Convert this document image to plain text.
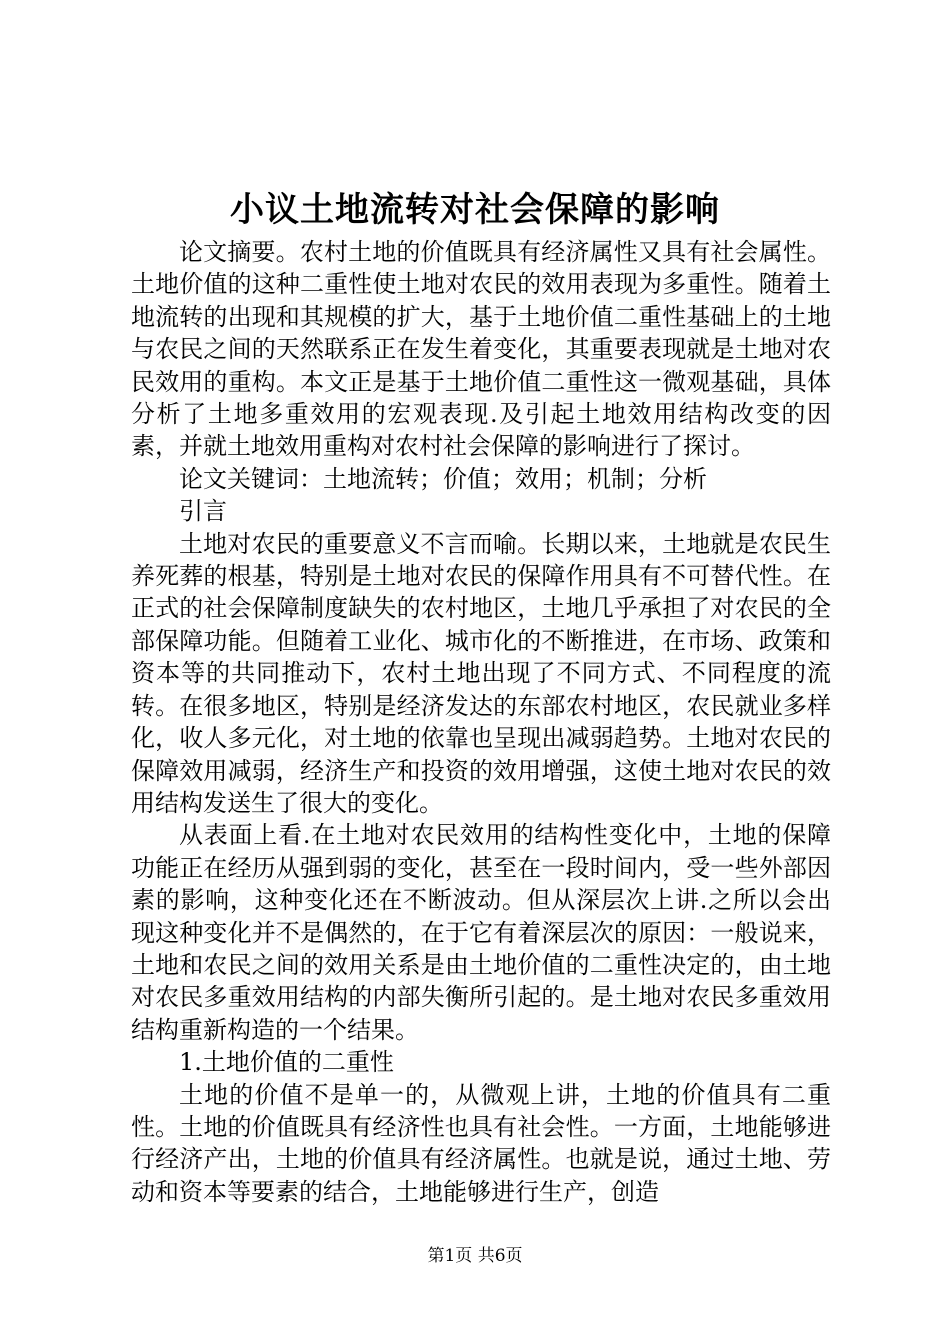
小议土地流转对社会保障的影响

论文摘要。农村土地的价值既具有经济属性又具有社会属性。土地价值的这种二重性使土地对农民的效用表现为多重性。随着土地流转的出现和其规模的扩大，基于土地价值二重性基础上的土地与农民之间的天然联系正在发生着变化，其重要表现就是土地对农民效用的重构。本文正是基于土地价值二重性这一微观基础，具体分析了土地多重效用的宏观表现.及引起土地效用结构改变的因素，并就土地效用重构对农村社会保障的影响进行了探讨。

论文关键词：土地流转；价值；效用；机制；分析

引言

土地对农民的重要意义不言而喻。长期以来，土地就是农民生养死葬的根基，特别是土地对农民的保障作用具有不可替代性。在正式的社会保障制度缺失的农村地区，土地几乎承担了对农民的全部保障功能。但随着工业化、城市化的不断推进，在市场、政策和资本等的共同推动下，农村土地出现了不同方式、不同程度的流转。在很多地区，特别是经济发达的东部农村地区，农民就业多样化，收人多元化，对土地的依靠也呈现出减弱趋势。土地对农民的保障效用减弱，经济生产和投资的效用增强，这使土地对农民的效用结构发送生了很大的变化。

从表面上看.在土地对农民效用的结构性变化中，土地的保障功能正在经历从强到弱的变化，甚至在一段时间内，受一些外部因素的影响，这种变化还在不断波动。但从深层次上讲.之所以会出现这种变化并不是偶然的，在于它有着深层次的原因：一般说来，土地和农民之间的效用关系是由土地价值的二重性决定的，由土地对农民多重效用结构的内部失衡所引起的。是土地对农民多重效用结构重新构造的一个结果。

1.土地价值的二重性

土地的价值不是单一的，从微观上讲，土地的价值具有二重性。土地的价值既具有经济性也具有社会性。一方面，土地能够进行经济产出，土地的价值具有经济属性。也就是说，通过土地、劳动和资本等要素的结合，土地能够进行生产，创造

第1页 共6页
